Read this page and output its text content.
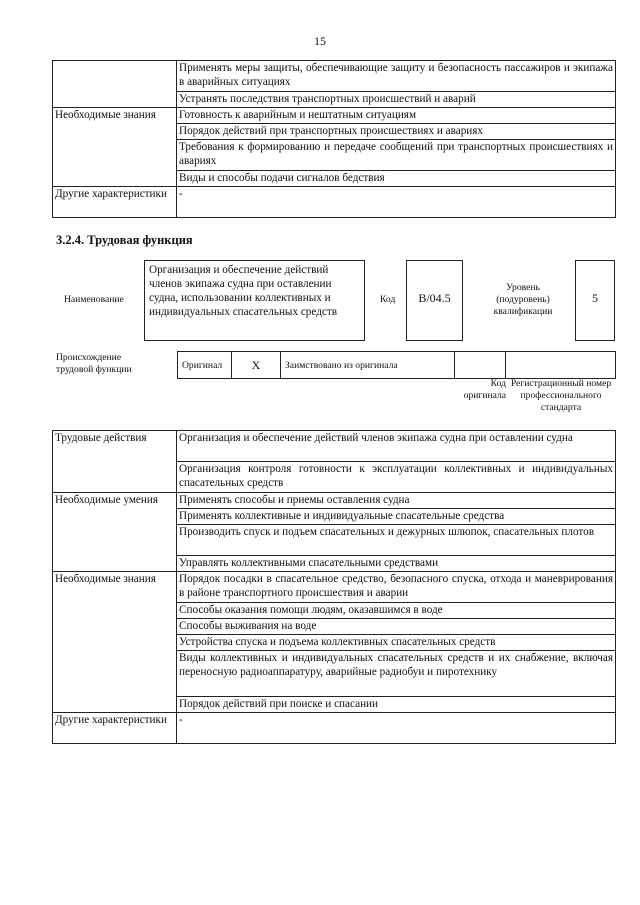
15
	Применять меры защиты, обеспечивающие защиту и безопасность пассажиров и экипажа в аварийных ситуациях
	Устранять последствия транспортных происшествий и аварий
Необходимые знания	Готовность к аварийным и нештатным ситуациям
	Порядок действий при транспортных происшествиях и авариях
	Требования к формированию и передаче сообщений при транспортных происшествиях и авариях
	Виды и способы подачи сигналов бедствия
Другие характеристики	-
3.2.4. Трудовая функция
Наименование
Организация и обеспечение действий членов экипажа судна при оставлении судна, использовании коллективных и индивидуальных спасательных средств
Код	B/04.5
Уровень (подуровень) квалификации
5
Происхождение трудовой функции	Оригинал	X	Заимствовано из оригинала		
Код оригинала
Регистрационный номер профессионального стандарта
Трудовые действия	Организация и обеспечение действий членов экипажа судна при оставлении судна
	Организация контроля готовности к эксплуатации коллективных и индивидуальных спасательных средств
Необходимые умения	Применять способы и приемы оставления судна
	Применять коллективные и индивидуальные спасательные средства
	Производить спуск и подъем спасательных и дежурных шлюпок, спасательных плотов
	Управлять коллективными спасательными средствами
Необходимые знания	Порядок посадки в спасательное средство, безопасного спуска, отхода и маневрирования в районе транспортного происшествия и аварии
	Способы оказания помощи людям, оказавшимся в воде
	Способы выживания на воде
	Устройства спуска и подъема коллективных спасательных средств
	Виды коллективных и индивидуальных спасательных средств и их снабжение, включая переносную радиоаппаратуру, аварийные радиобуи и пиротехнику
	Порядок действий при поиске и спасании
Другие характеристики	-
